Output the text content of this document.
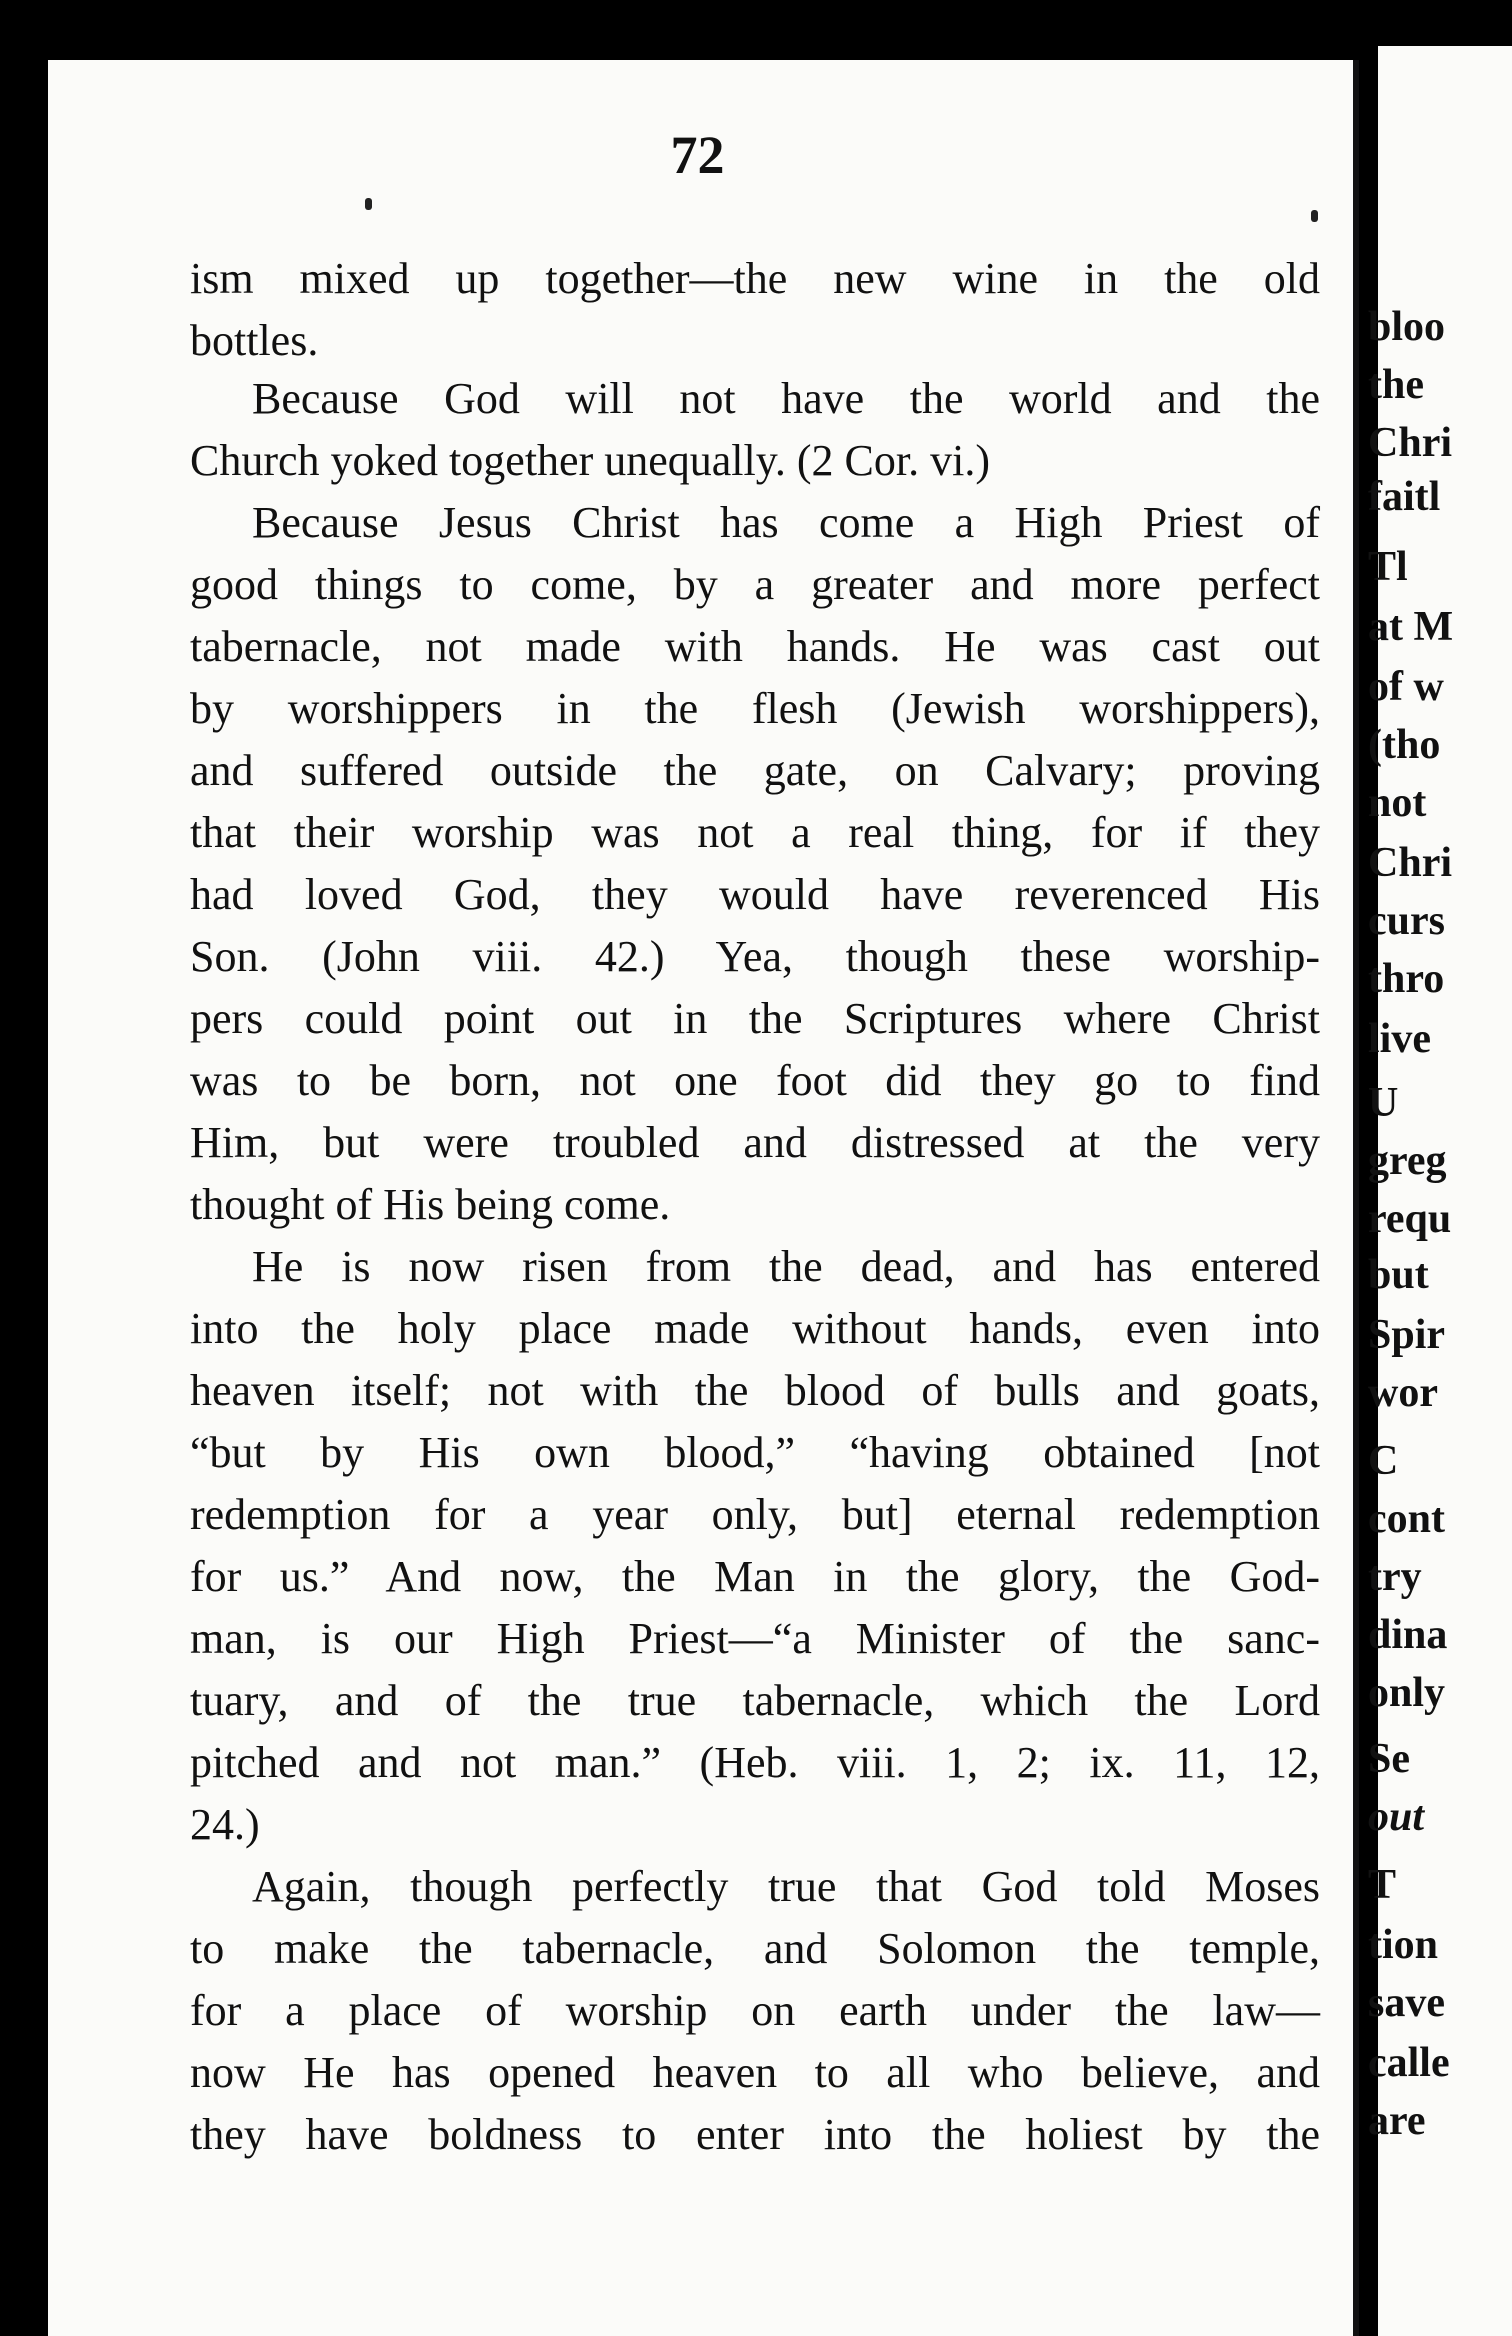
72
ism mixed up together—the new wine in the old
bottles.
Because God will not have the world and the
Church yoked together unequally. (2 Cor. vi.)
Because Jesus Christ has come a High Priest of
good things to come, by a greater and more perfect
tabernacle, not made with hands. He was cast out
by worshippers in the flesh (Jewish worshippers),
and suffered outside the gate, on Calvary; proving
that their worship was not a real thing, for if they
had loved God, they would have reverenced His
Son. (John viii. 42.) Yea, though these worship-
pers could point out in the Scriptures where Christ
was to be born, not one foot did they go to find
Him, but were troubled and distressed at the very
thought of His being come.
He is now risen from the dead, and has entered
into the holy place made without hands, even into
heaven itself; not with the blood of bulls and goats,
“but by His own blood,” “having obtained [not
redemption for a year only, but] eternal redemption
for us.” And now, the Man in the glory, the God-
man, is our High Priest—“a Minister of the sanc-
tuary, and of the true tabernacle, which the Lord
pitched and not man.” (Heb. viii. 1, 2; ix. 11, 12,
24.)
Again, though perfectly true that God told Moses
to make the tabernacle, and Solomon the temple,
for a place of worship on earth under the law—
now He has opened heaven to all who believe, and
they have boldness to enter into the holiest by the
bloo
the
Chri
faitl
Tl
at M
of w
(tho
not
Chri
curs
thro
live
U
greg
requ
but
Spir
wor
C
cont
try
dina
only
Se
out
T
tion
save
calle
are
